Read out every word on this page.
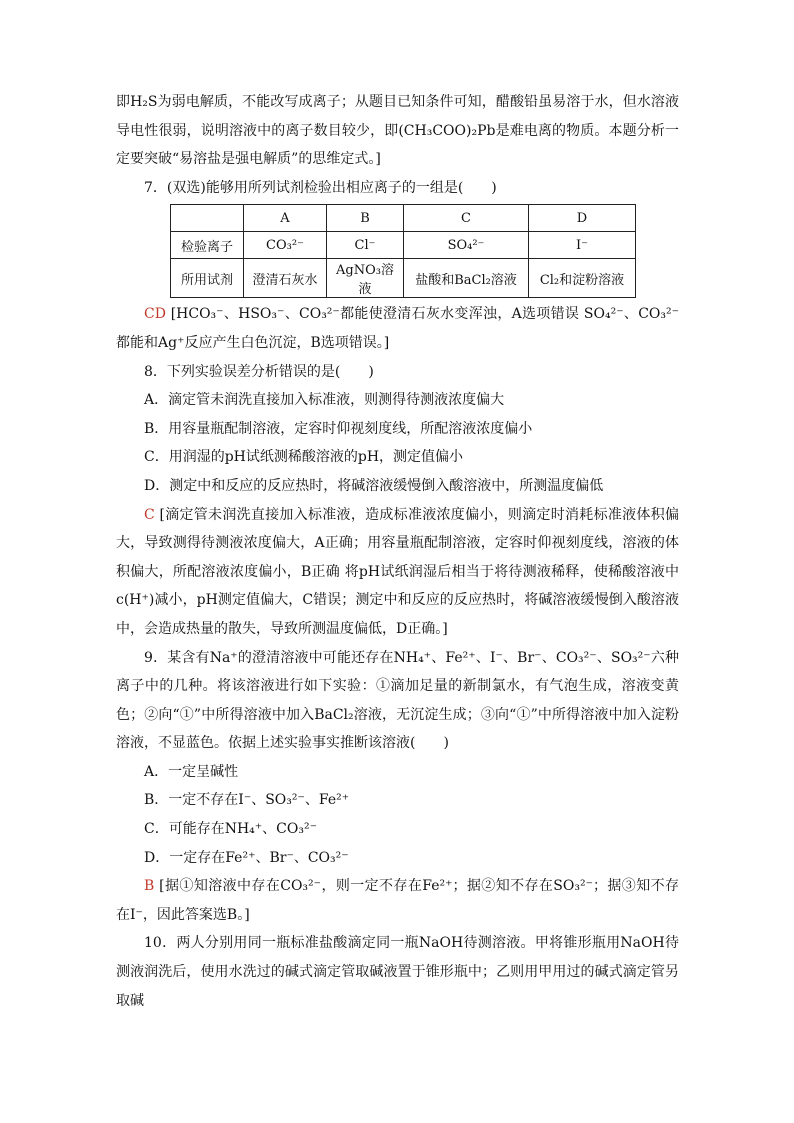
即H₂S为弱电解质，不能改写成离子；从题目已知条件可知，醋酸铅虽易溶于水，但水溶液导电性很弱，说明溶液中的离子数目较少，即(CH₃COO)₂Pb是难电离的物质。本题分析一定要突破“易溶盐是强电解质”的思维定式。]

7．(双选)能够用所列试剂检验出相应离子的一组是(　　)

	A	B	C	D
检验离子	CO₃²⁻	Cl⁻	SO₄²⁻	I⁻
所用试剂	澄清石灰水	AgNO₃溶液	盐酸和BaCl₂溶液	Cl₂和淀粉溶液

CD [HCO₃⁻、HSO₃⁻、CO₃²⁻都能使澄清石灰水变浑浊，A选项错误 SO₄²⁻、CO₃²⁻都能和Ag⁺反应产生白色沉淀，B选项错误。]

8．下列实验误差分析错误的是(　　)

A．滴定管未润洗直接加入标准液，则测得待测液浓度偏大

B．用容量瓶配制溶液，定容时仰视刻度线，所配溶液浓度偏小

C．用润湿的pH试纸测稀酸溶液的pH，测定值偏小

D．测定中和反应的反应热时，将碱溶液缓慢倒入酸溶液中，所测温度偏低

C [滴定管未润洗直接加入标准液，造成标准液浓度偏小，则滴定时消耗标准液体积偏大，导致测得待测液浓度偏大，A正确；用容量瓶配制溶液，定容时仰视刻度线，溶液的体积偏大，所配溶液浓度偏小，B正确 将pH试纸润湿后相当于将待测液稀释，使稀酸溶液中c(H⁺)减小，pH测定值偏大，C错误；测定中和反应的反应热时，将碱溶液缓慢倒入酸溶液中，会造成热量的散失，导致所测温度偏低，D正确。]

9．某含有Na⁺的澄清溶液中可能还存在NH₄⁺、Fe²⁺、I⁻、Br⁻、CO₃²⁻、SO₃²⁻六种离子中的几种。将该溶液进行如下实验：①滴加足量的新制氯水，有气泡生成，溶液变黄色；②向“①”中所得溶液中加入BaCl₂溶液，无沉淀生成；③向“①”中所得溶液中加入淀粉溶液，不显蓝色。依据上述实验事实推断该溶液(　　)

A．一定呈碱性

B．一定不存在I⁻、SO₃²⁻、Fe²⁺

C．可能存在NH₄⁺、CO₃²⁻

D．一定存在Fe²⁺、Br⁻、CO₃²⁻

B [据①知溶液中存在CO₃²⁻，则一定不存在Fe²⁺；据②知不存在SO₃²⁻；据③知不存在I⁻，因此答案选B。]

10．两人分别用同一瓶标准盐酸滴定同一瓶NaOH待测溶液。甲将锥形瓶用NaOH待测液润洗后，使用水洗过的碱式滴定管取碱液置于锥形瓶中；乙则用甲用过的碱式滴定管另取碱
